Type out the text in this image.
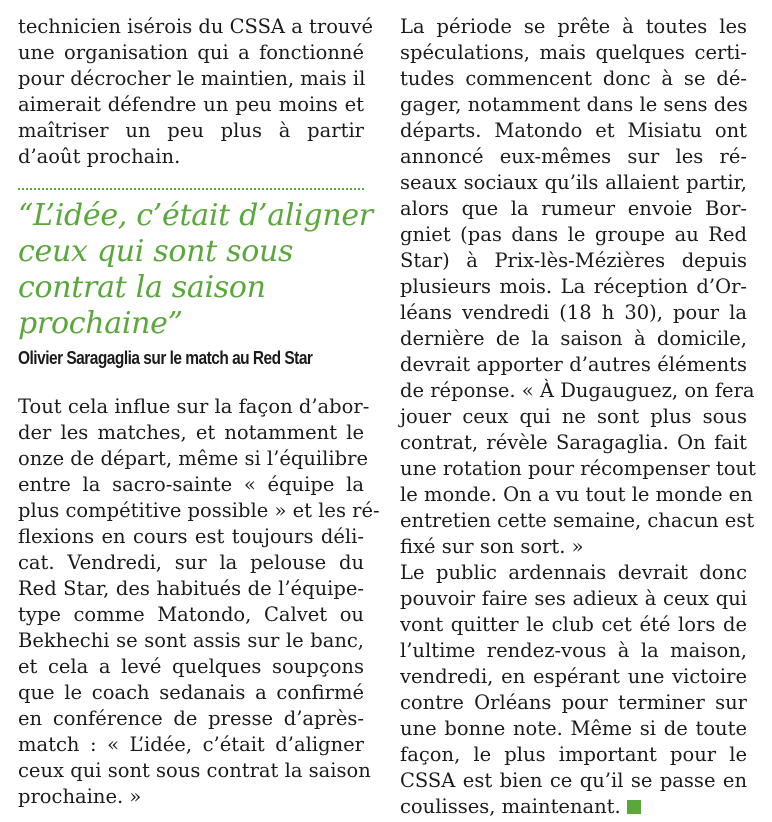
technicien isérois du CSSA a trouvé
une organisation qui a fonctionné
pour décrocher le maintien, mais il
aimerait défendre un peu moins et
maîtriser un peu plus à partir
d’août prochain.
“L’idée, c’était d’aligner
ceux qui sont sous
contrat la saison
prochaine”
Olivier Saragaglia sur le match au Red Star
Tout cela influe sur la façon d’abor-
der les matches, et notamment le
onze de départ, même si l’équilibre
entre la sacro-sainte « équipe la
plus compétitive possible » et les ré-
flexions en cours est toujours déli-
cat. Vendredi, sur la pelouse du
Red Star, des habitués de l’équipe-
type comme Matondo, Calvet ou
Bekhechi se sont assis sur le banc,
et cela a levé quelques soupçons
que le coach sedanais a confirmé
en conférence de presse d’après-
match : « L’idée, c’était d’aligner
ceux qui sont sous contrat la saison
prochaine. »
La période se prête à toutes les
spéculations, mais quelques certi-
tudes commencent donc à se dé-
gager, notamment dans le sens des
départs. Matondo et Misiatu ont
annoncé eux-mêmes sur les ré-
seaux sociaux qu’ils allaient partir,
alors que la rumeur envoie Bor-
gniet (pas dans le groupe au Red
Star) à Prix-lès-Mézières depuis
plusieurs mois. La réception d’Or-
léans vendredi (18 h 30), pour la
dernière de la saison à domicile,
devrait apporter d’autres éléments
de réponse. « À Dugauguez, on fera
jouer ceux qui ne sont plus sous
contrat, révèle Saragaglia. On fait
une rotation pour récompenser tout
le monde. On a vu tout le monde en
entretien cette semaine, chacun est
fixé sur son sort. »
Le public ardennais devrait donc
pouvoir faire ses adieux à ceux qui
vont quitter le club cet été lors de
l’ultime rendez-vous à la maison,
vendredi, en espérant une victoire
contre Orléans pour terminer sur
une bonne note. Même si de toute
façon, le plus important pour le
CSSA est bien ce qu’il se passe en
coulisses, maintenant.
